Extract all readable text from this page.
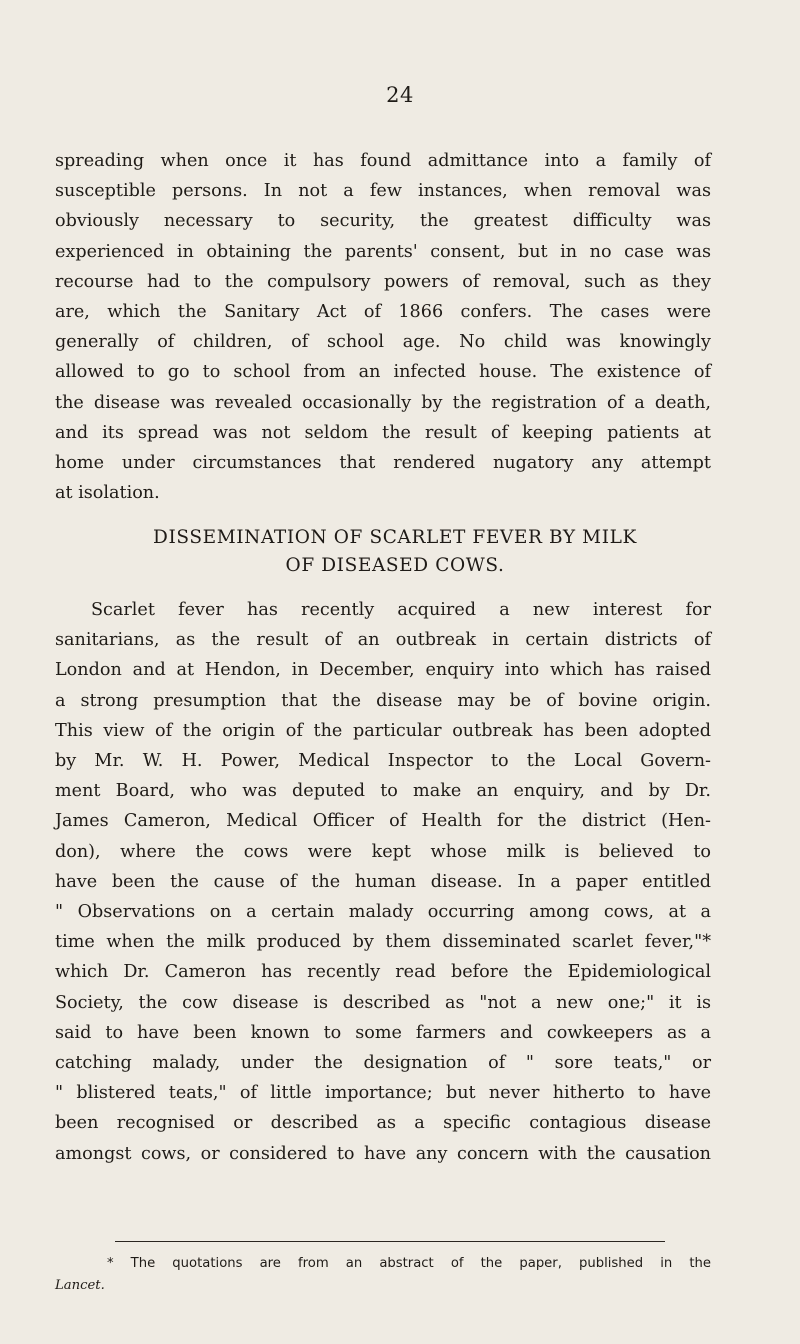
24
spreading when once it has found admittance into a family of
susceptible persons. In not a few instances, when removal was
obviously necessary to security, the greatest difficulty was
experienced in obtaining the parents' consent, but in no case was
recourse had to the compulsory powers of removal, such as they
are, which the Sanitary Act of 1866 confers. The cases were
generally of children, of school age. No child was knowingly
allowed to go to school from an infected house. The existence of
the disease was revealed occasionally by the registration of a death,
and its spread was not seldom the result of keeping patients at
home under circumstances that rendered nugatory any attempt
at isolation.
DISSEMINATION OF SCARLET FEVER BY MILK
OF DISEASED COWS.
Scarlet fever has recently acquired a new interest for
sanitarians, as the result of an outbreak in certain districts of
London and at Hendon, in December, enquiry into which has raised
a strong presumption that the disease may be of bovine origin.
This view of the origin of the particular outbreak has been adopted
by Mr. W. H. Power, Medical Inspector to the Local Govern-
ment Board, who was deputed to make an enquiry, and by Dr.
James Cameron, Medical Officer of Health for the district (Hen-
don), where the cows were kept whose milk is believed to
have been the cause of the human disease. In a paper entitled
" Observations on a certain malady occurring among cows, at a
time when the milk produced by them disseminated scarlet fever,"*
which Dr. Cameron has recently read before the Epidemiological
Society, the cow disease is described as "not a new one;" it is
said to have been known to some farmers and cowkeepers as a
catching malady, under the designation of " sore teats," or
" blistered teats," of little importance; but never hitherto to have
been recognised or described as a specific contagious disease
amongst cows, or considered to have any concern with the causation
* The quotations are from an abstract of the paper, published in the
Lancet.
